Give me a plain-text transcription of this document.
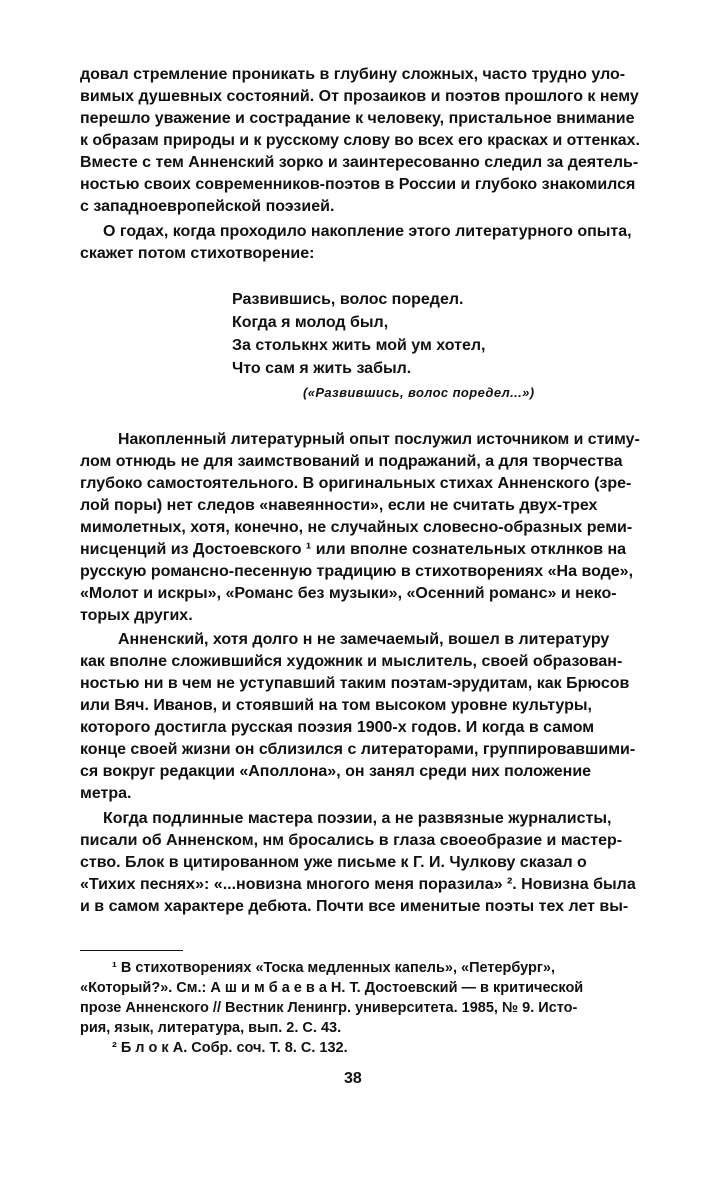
довал стремление проникать в глубину сложных, часто трудно уло-
вимых душевных состояний. От прозаиков и поэтов прошлого к нему
перешло уважение и сострадание к человеку, пристальное внимание
к образам природы и к русскому слову во всех его красках и оттенках.
Вместе с тем Анненский зорко и заинтересованно следил за деятель-
ностью своих современников-поэтов в России и глубоко знакомился
с западноевропейской поэзией.
О годах, когда проходило накопление этого литературного опыта,
скажет потом стихотворение:
Развившись, волос поредел.
Когда я молод был,
За столькнх жить мой ум хотел,
Что сам я жить забыл.
(«Развившись, волос поредел...»)
Накопленный литературный опыт послужил источником и стиму-
лом отнюдь не для заимствований и подражаний, а для творчества
глубоко самостоятельного. В оригинальных стихах Анненского (зре-
лой поры) нет следов «навеянности», если не считать двух-трех
мимолетных, хотя, конечно, не случайных словесно-образных реми-
нисценций из Достоевского ¹ или вполне сознательных отклнков на
русскую романсно-песенную традицию в стихотворениях «На воде»,
«Молот и искры», «Романс без музыки», «Осенний романс» и неко-
торых других.
Анненский, хотя долго н не замечаемый, вошел в литературу
как вполне сложившийся художник и мыслитель, своей образован-
ностью ни в чем не уступавший таким поэтам-эрудитам, как Брюсов
или Вяч. Иванов, и стоявший на том высоком уровне культуры,
которого достигла русская поэзия 1900-х годов. И когда в самом
конце своей жизни он сблизился с литераторами, группировавшими-
ся вокруг редакции «Аполлона», он занял среди них положение
метра.
Когда подлинные мастера поэзии, а не развязные журналисты,
писали об Анненском, нм бросались в глаза своеобразие и мастер-
ство. Блок в цитированном уже письме к Г. И. Чулкову сказал о
«Тихих песнях»: «...новизна многого меня поразила» ². Новизна была
и в самом характере дебюта. Почти все именитые поэты тех лет вы-
¹ В стихотворениях «Тоска медленных капель», «Петербург»,
«Который?». См.: А ш и м б а е в а Н. Т. Достоевский — в критической
прозе Анненского // Вестник Ленингр. университета. 1985, № 9. Исто-
рия, язык, литература, вып. 2. С. 43.
² Б л о к А. Собр. соч. Т. 8. С. 132.
38
